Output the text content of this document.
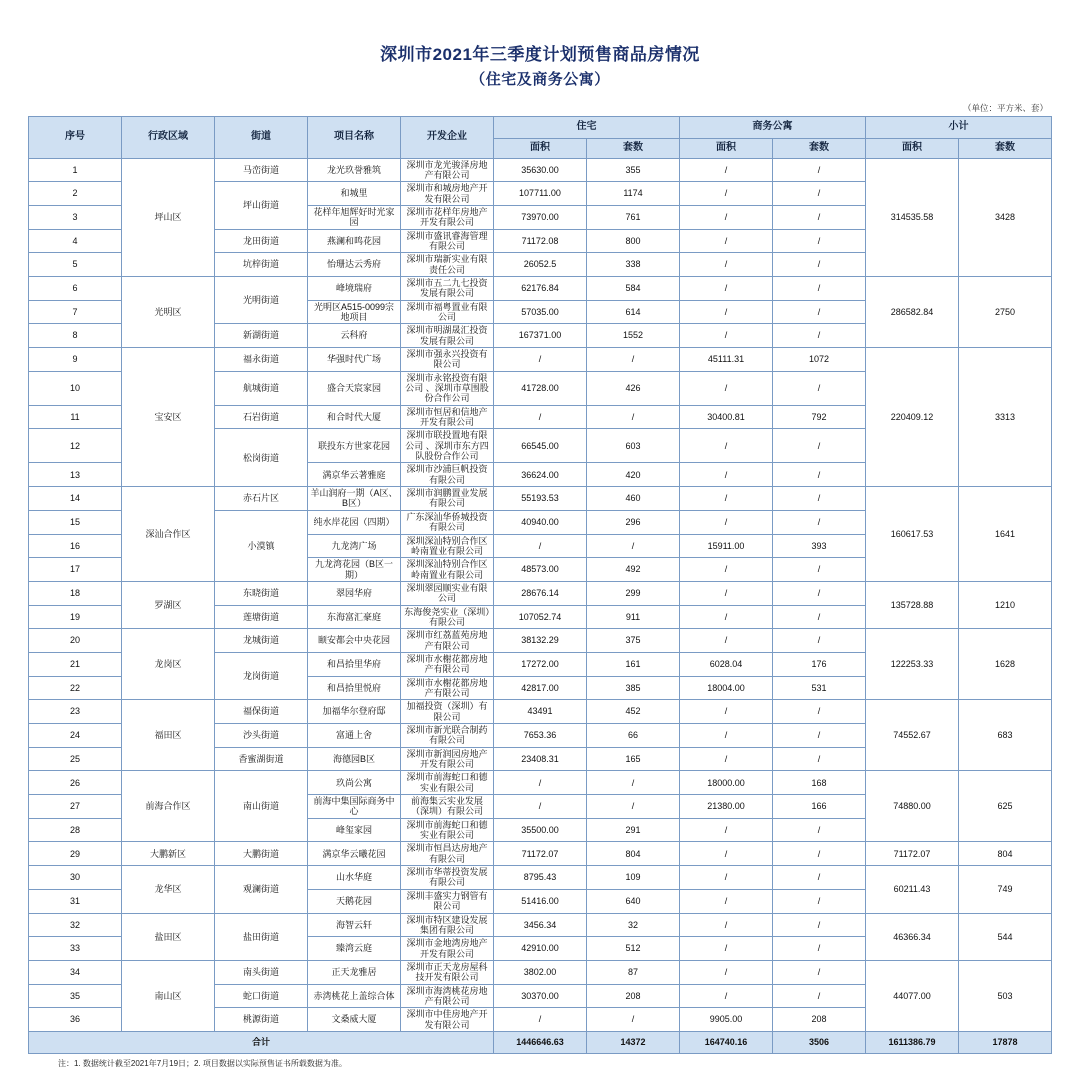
深圳市2021年三季度计划预售商品房情况
（住宅及商务公寓）
（单位：平方米、套）
序号	行政区域	街道	项目名称	开发企业	住宅		商务公寓		小计	
					面积	套数	面积	套数	面积	套数
1	坪山区	马峦街道	龙光玖誉雅筑	深圳市龙光骏泽房地产有限公司	35630.00	355	/	/	314535.58	3428
2		坪山街道	和城里	深圳市和城房地产开发有限公司	107711.00	1174	/	/		
3			花样年旭辉好时光家园	深圳市花样年房地产开发有限公司	73970.00	761	/	/		
4		龙田街道	燕澜和鸣花园	深圳市盛讯睿海管理有限公司	71172.08	800	/	/		
5		坑梓街道	怡珊达云秀府	深圳市瑞新实业有限责任公司	26052.5	338	/	/		
6	光明区	光明街道	峰境瑞府	深圳市五二九七投资发展有限公司	62176.84	584	/	/	286582.84	2750
7			光明区A515-0099宗地项目	深圳市福粤置业有限公司	57035.00	614	/	/		
8		新湖街道	云科府	深圳市明湖晟汇投资发展有限公司	167371.00	1552	/	/		
9	宝安区	福永街道	华强时代广场	深圳市强永兴投资有限公司	/	/	45111.31	1072	220409.12	3313
10		航城街道	盛合天宸家园	深圳市永铭投资有限公司 、深圳市草围股份合作公司	41728.00	426	/	/		
11		石岩街道	和合时代大厦	深圳市恒居和信地产开发有限公司	/	/	30400.81	792		
12		松岗街道	联投东方世家花园	深圳市联投置地有限公司 、深圳市东方四队股份合作公司	66545.00	603	/	/		
13			满京华云著雅庭	深圳市沙浦巨帆投资有限公司	36624.00	420	/	/		
14	深汕合作区	赤石片区	羊山润府一期（A区、B区）	深圳市润鹏置业发展有限公司	55193.53	460	/	/	160617.53	1641
15		小漠镇	纯水岸花园（四期）	广东深汕华侨城投资有限公司	40940.00	296	/	/		
16			九龙湾广场	深圳深汕特别合作区岭南置业有限公司	/	/	15911.00	393		
17			九龙湾花园（B区一期）	深圳深汕特别合作区岭南置业有限公司	48573.00	492	/	/		
18	罗湖区	东晓街道	翠园华府	深圳翠园顺实业有限公司	28676.14	299	/	/	135728.88	1210
19		莲塘街道	东海富汇豪庭	东海俊尧实业（深圳）有限公司	107052.74	911	/	/		
20	龙岗区	龙城街道	颐安都会中央花园	深圳市红荔蓝苑房地产有限公司	38132.29	375	/	/	122253.33	1628
21		龙岗街道	和昌拾里华府	深圳市水榭花都房地产有限公司	17272.00	161	6028.04	176		
22			和昌拾里悦府	深圳市水榭花都房地产有限公司	42817.00	385	18004.00	531		
23	福田区	福保街道	加福华尔登府邸	加福投资（深圳）有限公司	43491	452	/	/	74552.67	683
24		沙头街道	富通上舍	深圳市新光联合制药有限公司	7653.36	66	/	/		
25		香蜜湖街道	海德园B区	深圳市新润园房地产开发有限公司	23408.31	165	/	/		
26	前海合作区	南山街道	玖尚公寓	深圳市前海蛇口和德实业有限公司	/	/	18000.00	168	74880.00	625
27			前海中集国际商务中心	前海集云实业发展（深圳）有限公司	/	/	21380.00	166		
28			峰玺家园	深圳市前海蛇口和德实业有限公司	35500.00	291	/	/		
29	大鹏新区	大鹏街道	满京华云曦花园	深圳市恒昌达房地产有限公司	71172.07	804	/	/	71172.07	804
30	龙华区	观澜街道	山水华庭	深圳市华蒂投资发展有限公司	8795.43	109	/	/	60211.43	749
31			天鹅花园	深圳丰盛实力钢管有限公司	51416.00	640	/	/		
32	盐田区	盐田街道	海智云轩	深圳市特区建设发展集团有限公司	3456.34	32	/	/	46366.34	544
33			臻湾云庭	深圳市金地湾房地产开发有限公司	42910.00	512	/	/		
34	南山区	南头街道	正天龙雅居	深圳市正天龙房屋科技开发有限公司	3802.00	87	/	/	44077.00	503
35		蛇口街道	赤湾桃花上盖综合体	深圳市海湾桃花房地产有限公司	30370.00	208	/	/		
36		桃源街道	文桑威大厦	深圳市中佳房地产开发有限公司	/	/	9905.00	208		
合计					1446646.63	14372	164740.16	3506	1611386.79	17878
注：1. 数据统计截至2021年7月19日；2. 项目数据以实际预售证书所载数据为准。
